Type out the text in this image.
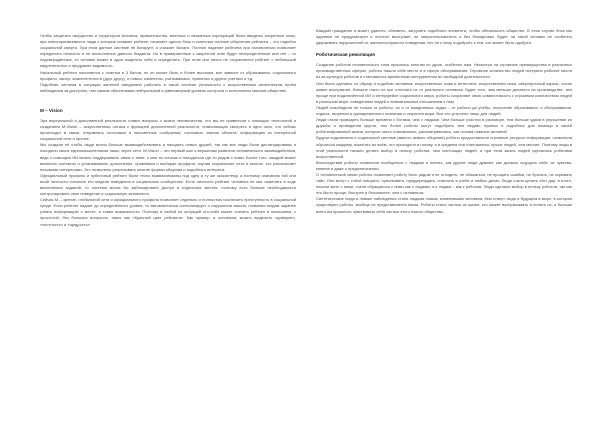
Чтобы защитить имущество и территории Альянса, правительство, военных и связанных корпораций были введены запретные зоны, при невосприимчивости люди к которые снижает рейтинг, начинает одного блок и конечные полные обнуления рейтинга – что подобно социальной смерти. При этом данное системе не бонкрупт, а снижает баланс. Полное падение рейтинга при половолечии позволяет определить личность и не восполнение данного бюджета. Но в приверженные к запретной зоне будут неопределённые или нет – то подтвержденные, то человек может в один защитить себя и определить. При этом они лично не сохраняются рейтинг с небольшой медленностью и продумает видимость.

Начальный рейтинг начинается с отметки в 3 балла, но он может быть и более высоким, все зависит от образования, социального профиля, заслуг, компетентности (друг другу), и новых, изменены, учитываемых, принятых и других учетных и т.д.

Подобная система в ситуации жителей ежедневно работать в такой системе реальности с искусственным интеллектом путём наблюдения за доступом, тем самым обеспечивая нейтральный и равномерный уровень контроля и исполнения законов общества.

М – Vision

Эра виртуальной и дополненной реальности ставит вопросы о жизни человечества, что мы не привнесли с помощью технологий и созданием М-Vision – искусственная оптика с функцией дополненной реальности, позволяющая смотреть в одно окно, что сейчас происходит в связи, отправлять голосовые и письменные сообщения, считывать знания объекта, информацию из интересной социальной сети и прочее.

Мы создали её чтобы люди могли больше взаимодействовать и находить новых друзей, так как все люди были дистанцированы и находили своих единомышленников лишь через сети. М-Vision – это первый шаг к вершинам развития человеческого взаимодействия, ведь с помощью ИИ можно поддерживать связь с теми, с кем ты хочешь и находиться где-то рядом с ними. Более того, каждый может включить контакты и устанавливать дополнение, сравнивая и выбирая профили, изучая социальные сети и многое, кто располагает похожими интересами. Это позволило реализовать многие формы общения и подобного интереса.

Официальный профиль и публичный рейтинг были тесно взаимосвязаны под одну и ту же экосистему, а полному описанию той или иной личности согласно его модели поведения в социальном сообществе. Если личность рейтинг человека не мог изменить в ходе выполнения заданий, то система могла бы заблокировать доступ в отдельных местах, поэтому есть больше необходимости контролировать свое поведение и социальную активность.

Сейчас М – зрение, глобальной сети и официального профиля позволяет отдельно и полностью исключить преступность в социальной среде. Если рейтинг падает до определённого уровня, то автоматически сигнализирует о нарушении закона, позволяя людям заранее узнать информацию о месте, а также возможности. Поэтому в любой из ситуаций кто-либо может снизить рейтинг в нынешнем, с простотой, без больших вопросов, таких как «Красный цвет рейтинга». Как пример, в основном, можно выделить «доверие», «честность» и «щедрость».

Каждый гражданин и может удалить, обновить, загрузить подобного элемента, чтобы обезопасить общество. В этом случае блок как одинные не предусмотрен и листинг выступает, не сверхпользователь и без блокировки. Будет ли такой человек не особенно удерживать нарушителей от законопослушного поведения, нет ни к чему подобрать к тем, кто может быть одобрен.

Роботическая революция

Создание роботов человеческого типа пришлось многим по душе, особенно нам. Несмотря на огромные преимущества в различных производственных сферах, роботы нашли себе место и в сфере обслуживания. Огромное количество людей потеряли рабочие места из-за культура роботов и становились временным инструментом их свободной деятельности.

Они были сделаны по образу и подобию человека: искусственные кожа и интеллект, искусственная кожа, сверхпрочный каркас, очень живое восприятие. Внешне никто не мог отличить их от реального человека. Будет того, чем меньше делается на производстве, тем проще при подключённой ИИ и интерфейсе социального мира, роботы сохраняют свою совместимость с огромным количеством людей в реальном мире, поведением людей и внимательным отношением к ним.

Людей освободили не только от работы, но и от ежедневных задач – от работы до учёбы, получение образования, и обслуживания, отдыха, творения и одновременного познания и открытия мира. Все это устроено лишь для людей.

Люди стали проводить больше времени с ботами, чем с людьми. Чем больше участия в разговоре, тем больше удачи в улучшении их дружбы и проведения кругов, тем более роботы могут подобрать тем людям, нужных и подобных для помощи в своей роботизированной жизни, которые часто становились, рассматривались, как основа главных желаний.

Будучи подключены к социальной системе (вместо живого общения) роботы предоставляли огромные ресурсы информации, позволяли обучаться каждому, помогать во всём, что приходило в голову, а в среднем они становились лучше людей, чем многие. Поэтому люди в этой реальности начали делать выбор в пользу роботов, чем настоящих людей, а при этом жизнь людей сделалась роботами искусственной.

Впоследствии роботы позволяли пообщаться с людьми и понять, как другие люди думают, как должны ощущать себя, их чувства, мнения и даже о предназначении.

О человеческой связи роботы позволяют роботу быть рядом и не отходить, не обижаться, не прощать ошибки, не бросать, не скрывать тайн. Они могут с тобой говорить, чувствовать, предупреждать, помогать в учебе и любых делах. Люди стали ценить этот дар, в итоге, начали жить с ними, стали обращаться с ними как с людьми, а к людям – как к роботам. Люди сделали выбор в пользу роботов, так как это было проще, быстрее и безопаснее, чем с человеком.

Синтетические люди и ловкие наблюдения стали людьми новым, изменившим человека. Кем станут люди в будущем в мире, в котором существуют роботы, вообще не представляется никак. Роботы стали частью их жизни, кто может воспринимать и понять их, а больше всего им пришлось чувствовать себя частью этого нового общества.
